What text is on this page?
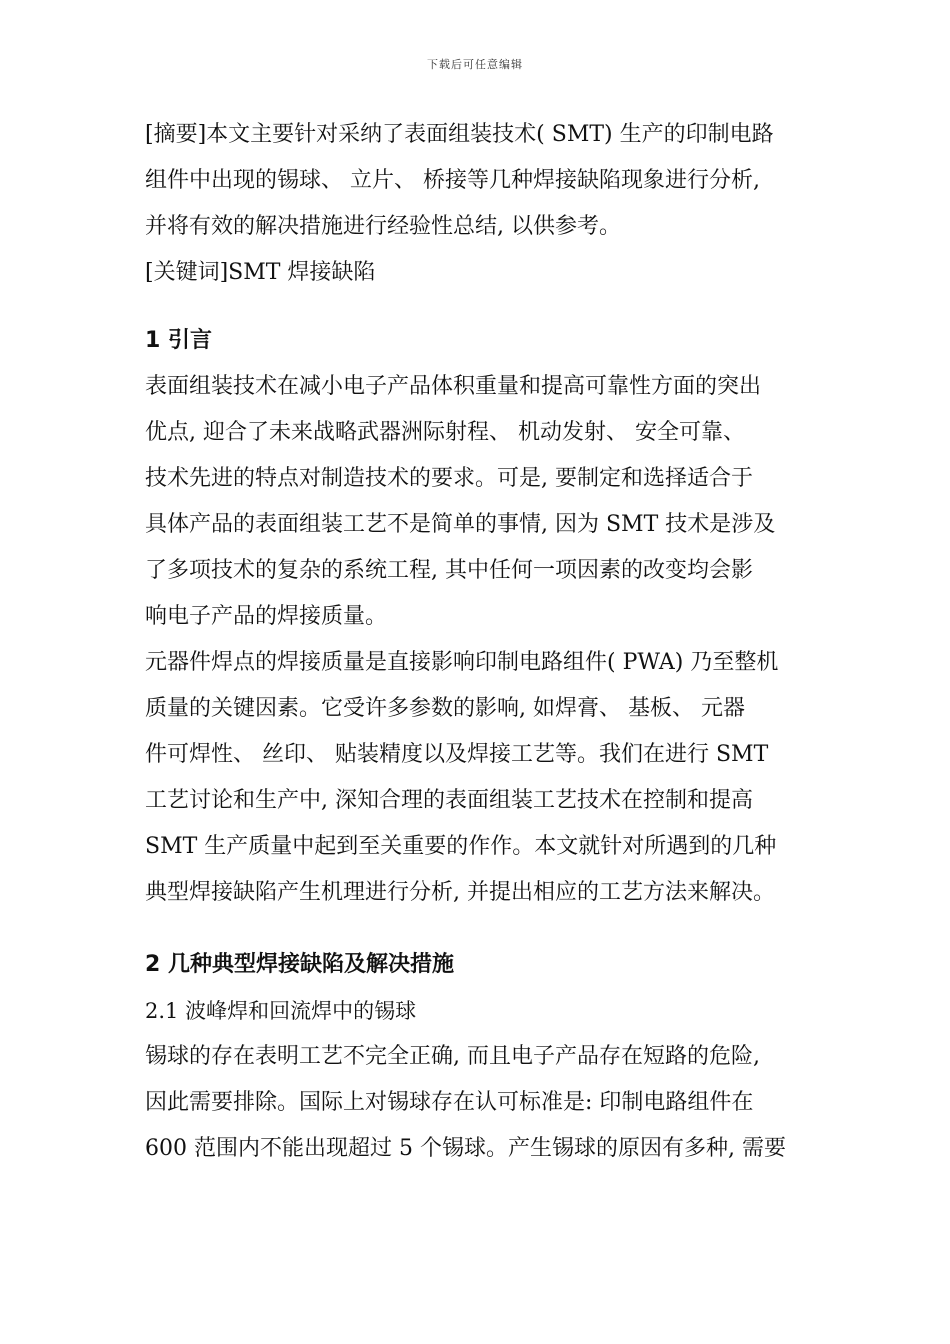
下载后可任意编辑
[摘要]本文主要针对采纳了表面组装技术( SMT) 生产的印制电路
组件中出现的锡球、 立片、 桥接等几种焊接缺陷现象进行分析,
并将有效的解决措施进行经验性总结, 以供参考。
[关键词]SMT 焊接缺陷
1 引言
表面组装技术在减小电子产品体积重量和提高可靠性方面的突出
优点, 迎合了未来战略武器洲际射程、 机动发射、 安全可靠、
技术先进的特点对制造技术的要求。可是, 要制定和选择适合于
具体产品的表面组装工艺不是简单的事情, 因为 SMT 技术是涉及
了多项技术的复杂的系统工程, 其中任何一项因素的改变均会影
响电子产品的焊接质量。
元器件焊点的焊接质量是直接影响印制电路组件( PWA) 乃至整机
质量的关键因素。它受许多参数的影响, 如焊膏、 基板、 元器
件可焊性、 丝印、 贴装精度以及焊接工艺等。我们在进行 SMT
工艺讨论和生产中, 深知合理的表面组装工艺技术在控制和提高
SMT 生产质量中起到至关重要的作作。本文就针对所遇到的几种
典型焊接缺陷产生机理进行分析, 并提出相应的工艺方法来解决。
2 几种典型焊接缺陷及解决措施
2.1 波峰焊和回流焊中的锡球
锡球的存在表明工艺不完全正确, 而且电子产品存在短路的危险,
因此需要排除。国际上对锡球存在认可标准是: 印制电路组件在
600 范围内不能出现超过 5 个锡球。产生锡球的原因有多种, 需要
